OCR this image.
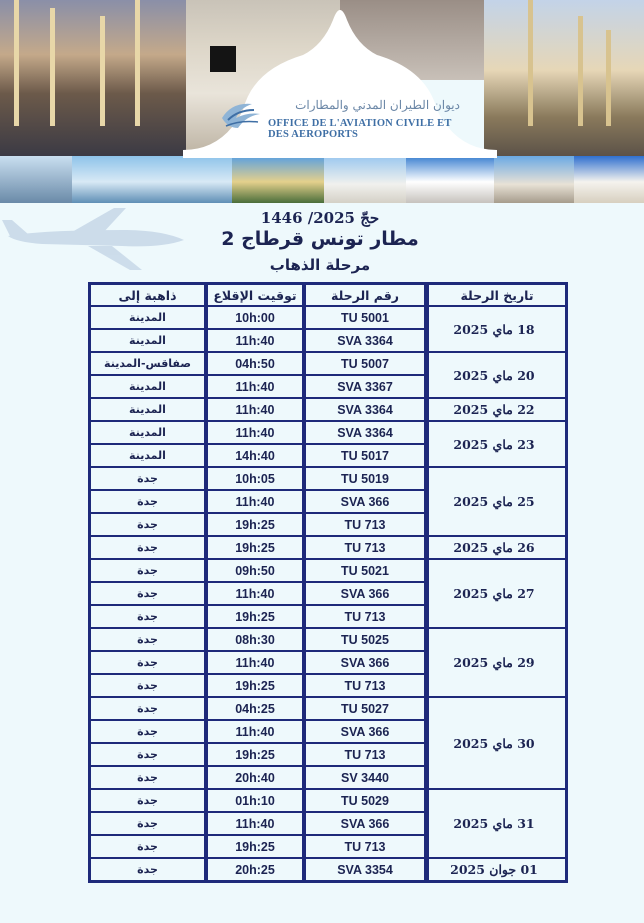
ديوان الطيران المدني والمطارات
OFFICE DE L'AVIATION CIVILE ET DES AEROPORTS
حجّ 2025/ 1446
مطار تونس قرطاج 2
مرحلة الذهاب
ذاهبة إلى	توقيت الإقلاع	رقم الرحلة	تاريخ الرحلة
المدينة	10h:00	TU 5001	18 ماي 2025
المدينة	11h:40	SVA 3364	
صفاقس-المدينة	04h:50	TU 5007	20 ماي 2025
المدينة	11h:40	SVA 3367	
المدينة	11h:40	SVA 3364	22 ماي 2025
المدينة	11h:40	SVA 3364	23 ماي 2025
المدينة	14h:40	TU 5017	
جدة	10h:05	TU 5019	25 ماي 2025
جدة	11h:40	SVA 366	
جدة	19h:25	TU 713	
جدة	19h:25	TU 713	26 ماي 2025
جدة	09h:50	TU 5021	27 ماي 2025
جدة	11h:40	SVA 366	
جدة	19h:25	TU 713	
جدة	08h:30	TU 5025	29 ماي 2025
جدة	11h:40	SVA 366	
جدة	19h:25	TU 713	
جدة	04h:25	TU 5027	30 ماي 2025
جدة	11h:40	SVA 366	
جدة	19h:25	TU 713	
جدة	20h:40	SV 3440	
جدة	01h:10	TU 5029	31 ماي 2025
جدة	11h:40	SVA 366	
جدة	19h:25	TU 713	
جدة	20h:25	SVA 3354	01 جوان 2025
